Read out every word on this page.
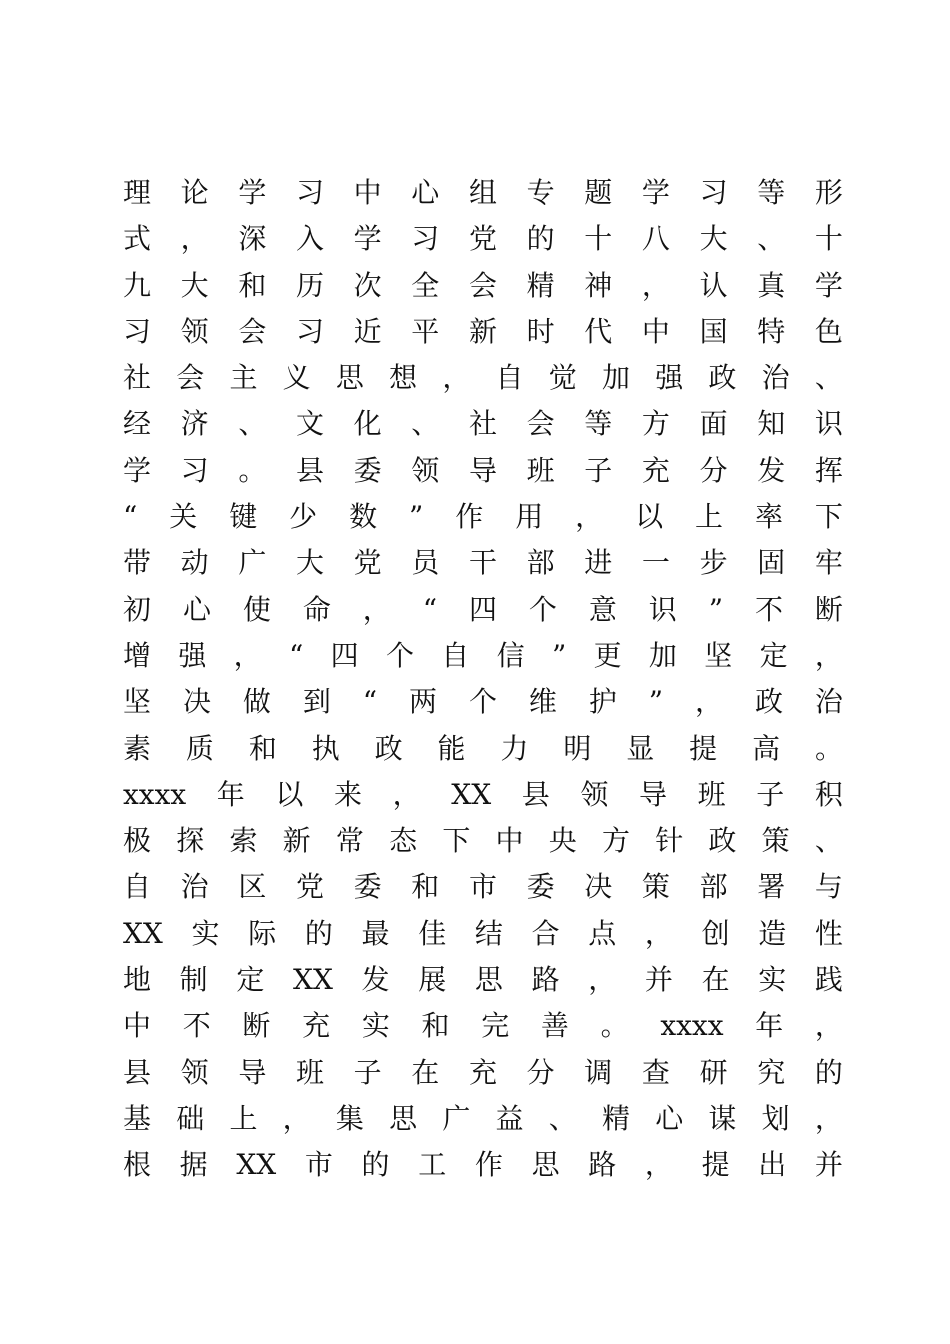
理 论 学 习 中 心 组 专 题 学 习 等 形
式 ， 深 入 学 习 党 的 十 八 大 、 十
九 大 和 历 次 全 会 精 神 ， 认 真 学
习 领 会 习 近 平 新 时 代 中 国 特 色
社 会 主 义 思 想 ， 自 觉 加 强 政 治 、
经 济 、 文 化 、 社 会 等 方 面 知 识
学 习 。 县 委 领 导 班 子 充 分 发 挥
“ 关 键 少 数 ” 作 用 ， 以 上 率 下
带 动 广 大 党 员 干 部 进 一 步 固 牢
初 心 使 命 ， “ 四 个 意 识 ” 不 断
增 强 ， “ 四 个 自 信 ” 更 加 坚 定 ，
坚 决 做 到 “ 两 个 维 护 ” ， 政 治
素 质 和 执 政 能 力 明 显 提 高 。
xxxx 年 以 来 ， XX 县 领 导 班 子 积
极 探 索 新 常 态 下 中 央 方 针 政 策 、
自 治 区 党 委 和 市 委 决 策 部 署 与
XX 实 际 的 最 佳 结 合 点 ， 创 造 性
地 制 定 XX 发 展 思 路 ， 并 在 实 践
中 不 断 充 实 和 完 善 。 xxxx 年 ，
县 领 导 班 子 在 充 分 调 查 研 究 的
基 础 上 ， 集 思 广 益 、 精 心 谋 划 ，
根 据 XX 市 的 工 作 思 路 ， 提 出 并
